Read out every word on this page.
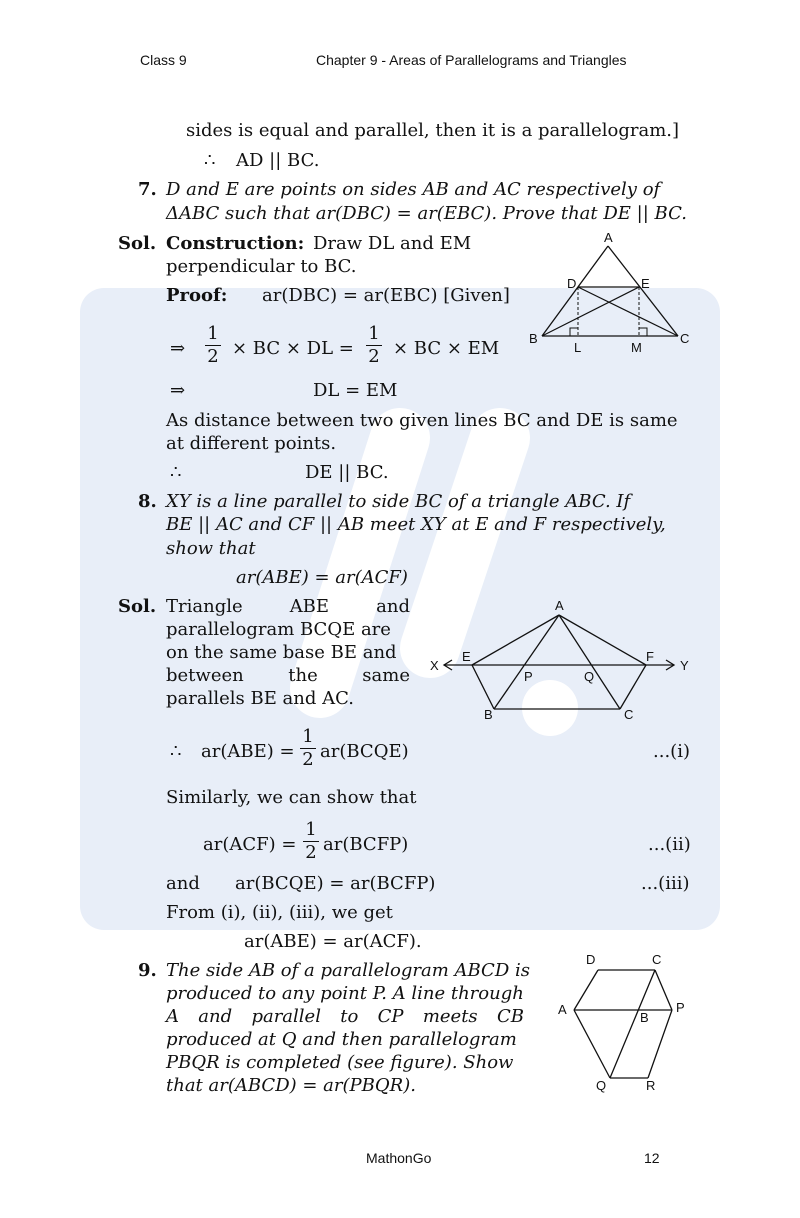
Class 9	Chapter 9 - Areas of Parallelograms and Triangles
sides is equal and parallel, then it is a parallelogram.]
∴ AD || BC.
7. D and E are points on sides AB and AC respectively of
ΔABC such that ar(DBC) = ar(EBC). Prove that DE || BC.
Sol. Construction: Draw DL and EM
perpendicular to BC.
Proof: ar(DBC) = ar(EBC) [Given]
⇒
1
2 × BC × DL =
1
2 × BC × EM
⇒	DL = EM
As distance between two given lines BC and DE is same
at different points.
∴	DE || BC.
A
D	E
B	C
L	M
8. XY is a line parallel to side BC of a triangle ABC. If
BE || AC and CF || AB meet XY at E and F respectively,
show that
ar(ABE) = ar(ACF)
Sol. Triangle	ABE	and
parallelogram BCQE are
on the same base BE and
between the same
parallels BE and AC.
∴ ar(ABE) =
1
2 ar(BCQE)	...(i)
Similarly, we can show that
ar(ACF) =
1
2 ar(BCFP)	...(ii)
and ar(BCQE) = ar(BCFP)	...(iii)
From (i), (ii), (iii), we get
ar(ABE) = ar(ACF).
A
X
E	F
Y
P	Q
B	C
9. The side AB of a parallelogram ABCD is
produced to any point P. A line through
A and parallel to CP meets CB
produced at Q and then parallelogram
PBQR is completed (see figure). Show
that ar(ABCD) = ar(PBQR).
D	C
A
B
P
Q	R
MathonGo	12
